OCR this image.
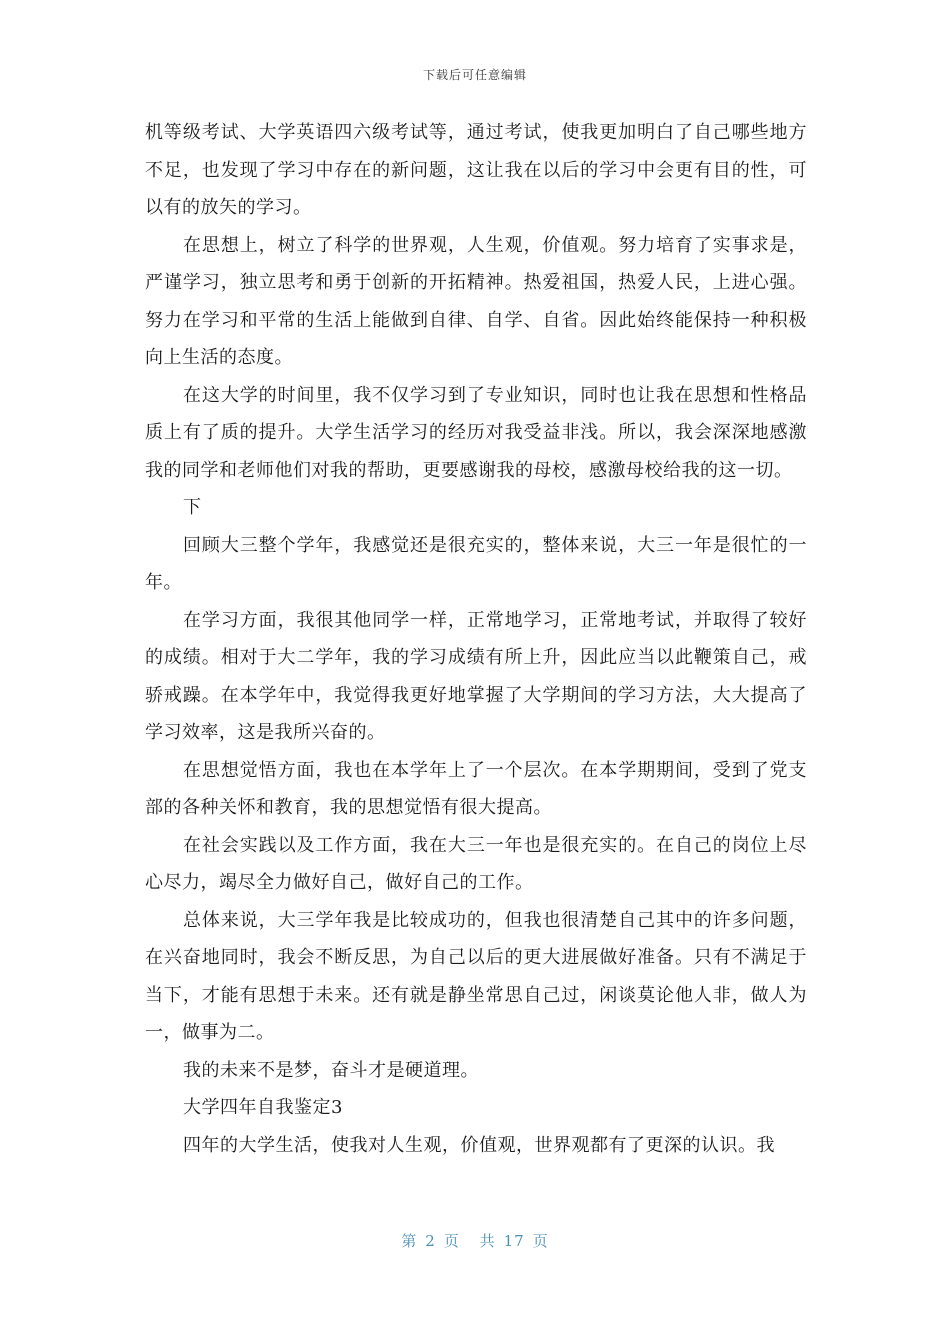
下载后可任意编辑

机等级考试、大学英语四六级考试等，通过考试，使我更加明白了自己哪些地方不足，也发现了学习中存在的新问题，这让我在以后的学习中会更有目的性，可以有的放矢的学习。

在思想上，树立了科学的世界观，人生观，价值观。努力培育了实事求是，严谨学习，独立思考和勇于创新的开拓精神。热爱祖国，热爱人民，上进心强。努力在学习和平常的生活上能做到自律、自学、自省。因此始终能保持一种积极向上生活的态度。

在这大学的时间里，我不仅学习到了专业知识，同时也让我在思想和性格品质上有了质的提升。大学生活学习的经历对我受益非浅。所以，我会深深地感激我的同学和老师他们对我的帮助，更要感谢我的母校，感激母校给我的这一切。

下

回顾大三整个学年，我感觉还是很充实的，整体来说，大三一年是很忙的一年。

在学习方面，我很其他同学一样，正常地学习，正常地考试，并取得了较好的成绩。相对于大二学年，我的学习成绩有所上升，因此应当以此鞭策自己，戒骄戒躁。在本学年中，我觉得我更好地掌握了大学期间的学习方法，大大提高了学习效率，这是我所兴奋的。

在思想觉悟方面，我也在本学年上了一个层次。在本学期期间，受到了党支部的各种关怀和教育，我的思想觉悟有很大提高。

在社会实践以及工作方面，我在大三一年也是很充实的。在自己的岗位上尽心尽力，竭尽全力做好自己，做好自己的工作。

总体来说，大三学年我是比较成功的，但我也很清楚自己其中的许多问题，在兴奋地同时，我会不断反思，为自己以后的更大进展做好准备。只有不满足于当下，才能有思想于未来。还有就是静坐常思自己过，闲谈莫论他人非，做人为一，做事为二。

我的未来不是梦，奋斗才是硬道理。

大学四年自我鉴定3

四年的大学生活，使我对人生观，价值观，世界观都有了更深的认识。我

第 2 页 共 17 页
